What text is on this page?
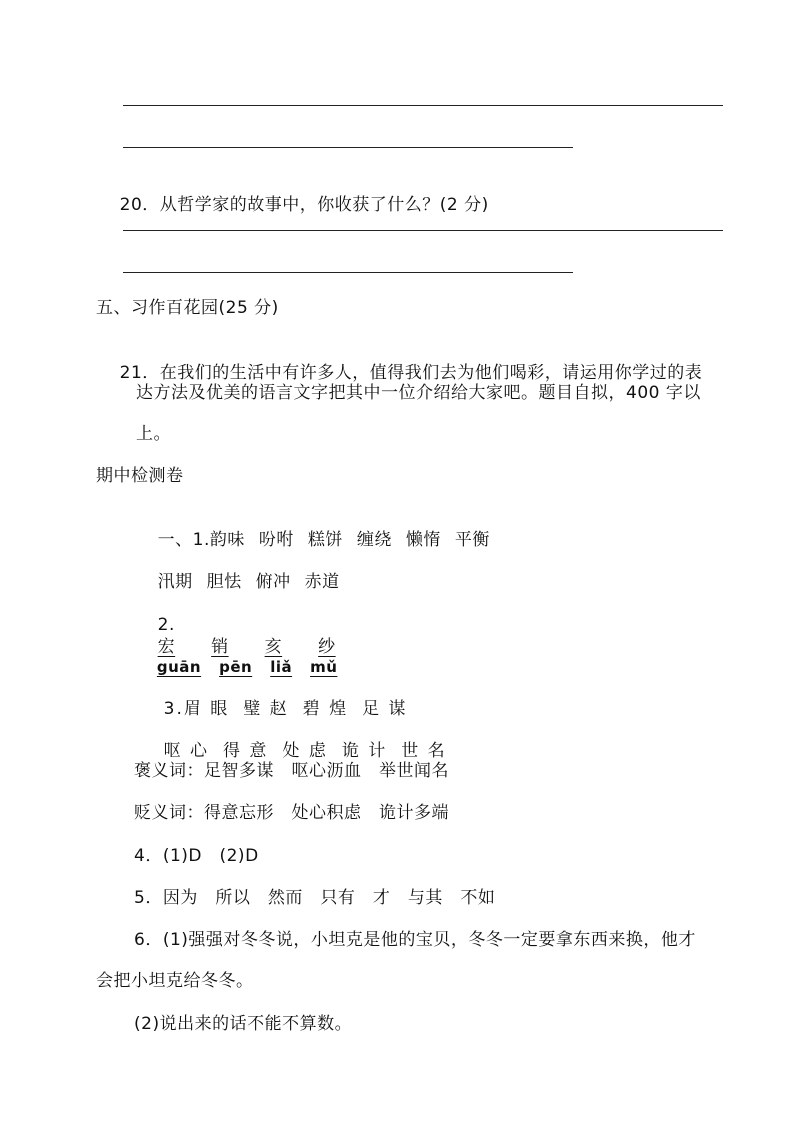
20．从哲学家的故事中，你收获了什么？(2 分)

五、习作百花园(25 分)

21．在我们的生活中有许多人，值得我们去为他们喝彩，请运用你学过的表

达方法及优美的语言文字把其中一位介绍给大家吧。题目自拟，400 字以
上。
期中检测卷

一、1.韵味 吩咐 糕饼 缠绕 懒惰 平衡

汛期 胆怯 俯冲 赤道

2.
宏 销 亥 纱

guān pēn liǎ mǔ

3.眉 眼 璧 赵 碧 煌 足 谋

呕 心 得 意 处 虑 诡 计 世 名

褒义词：足智多谋　呕心沥血　举世闻名
贬义词：得意忘形　处心积虑　诡计多端
4．(1)D　(2)D
5．因为　所以　然而　只有　才　与其　不如
6．(1)强强对冬冬说，小坦克是他的宝贝，冬冬一定要拿东西来换，他才
会把小坦克给冬冬。
(2)说出来的话不能不算数。
